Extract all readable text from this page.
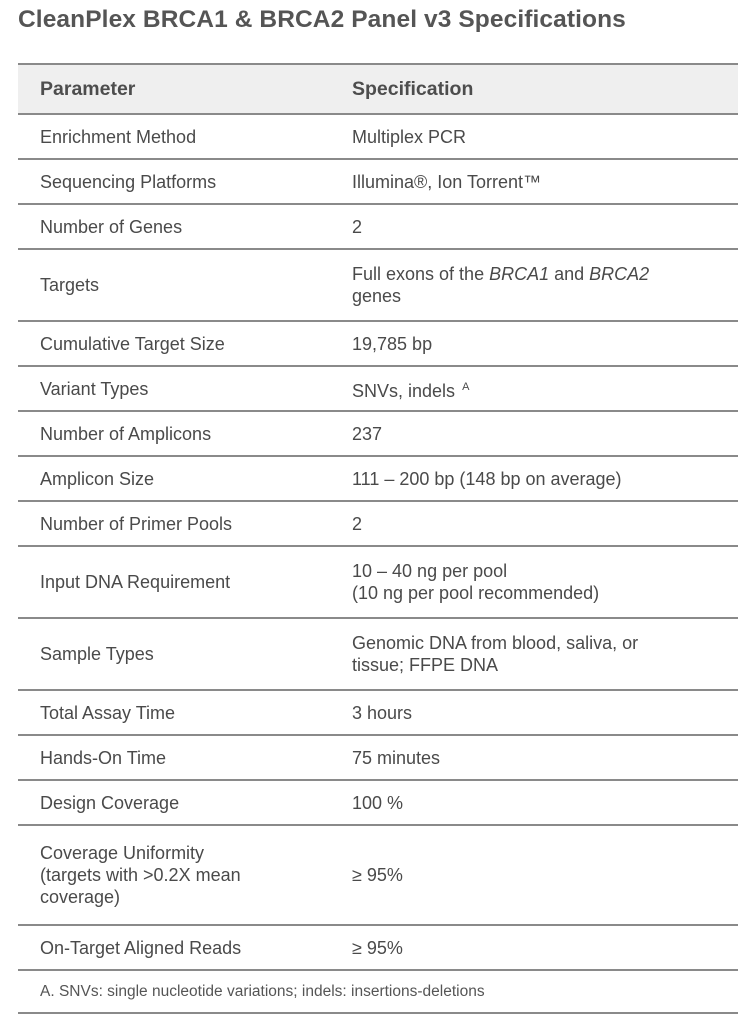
CleanPlex BRCA1 & BRCA2 Panel v3 Specifications
Parameter	Specification
Enrichment Method	Multiplex PCR
Sequencing Platforms	Illumina®, Ion Torrent™
Number of Genes	2
Targets	Full exons of the BRCA1 and BRCA2
genes

Cumulative Target Size	19,785 bp
Variant Types	SNVs, indels $^A$
Number of Amplicons	237
Amplicon Size	111 – 200 bp (148 bp on average)
Number of Primer Pools	2
Input DNA Requirement	10 – 40 ng per pool
(10 ng per pool recommended)

Sample Types	Genomic DNA from blood, saliva, or
tissue; FFPE DNA

Total Assay Time	3 hours
Hands-On Time	75 minutes
Design Coverage	100 %

Coverage Uniformity
(targets with >0.2X mean
coverage)	≥ 95%
On-Target Aligned Reads	≥ 95%
A. SNVs: single nucleotide variations; indels: insertions-deletions	
